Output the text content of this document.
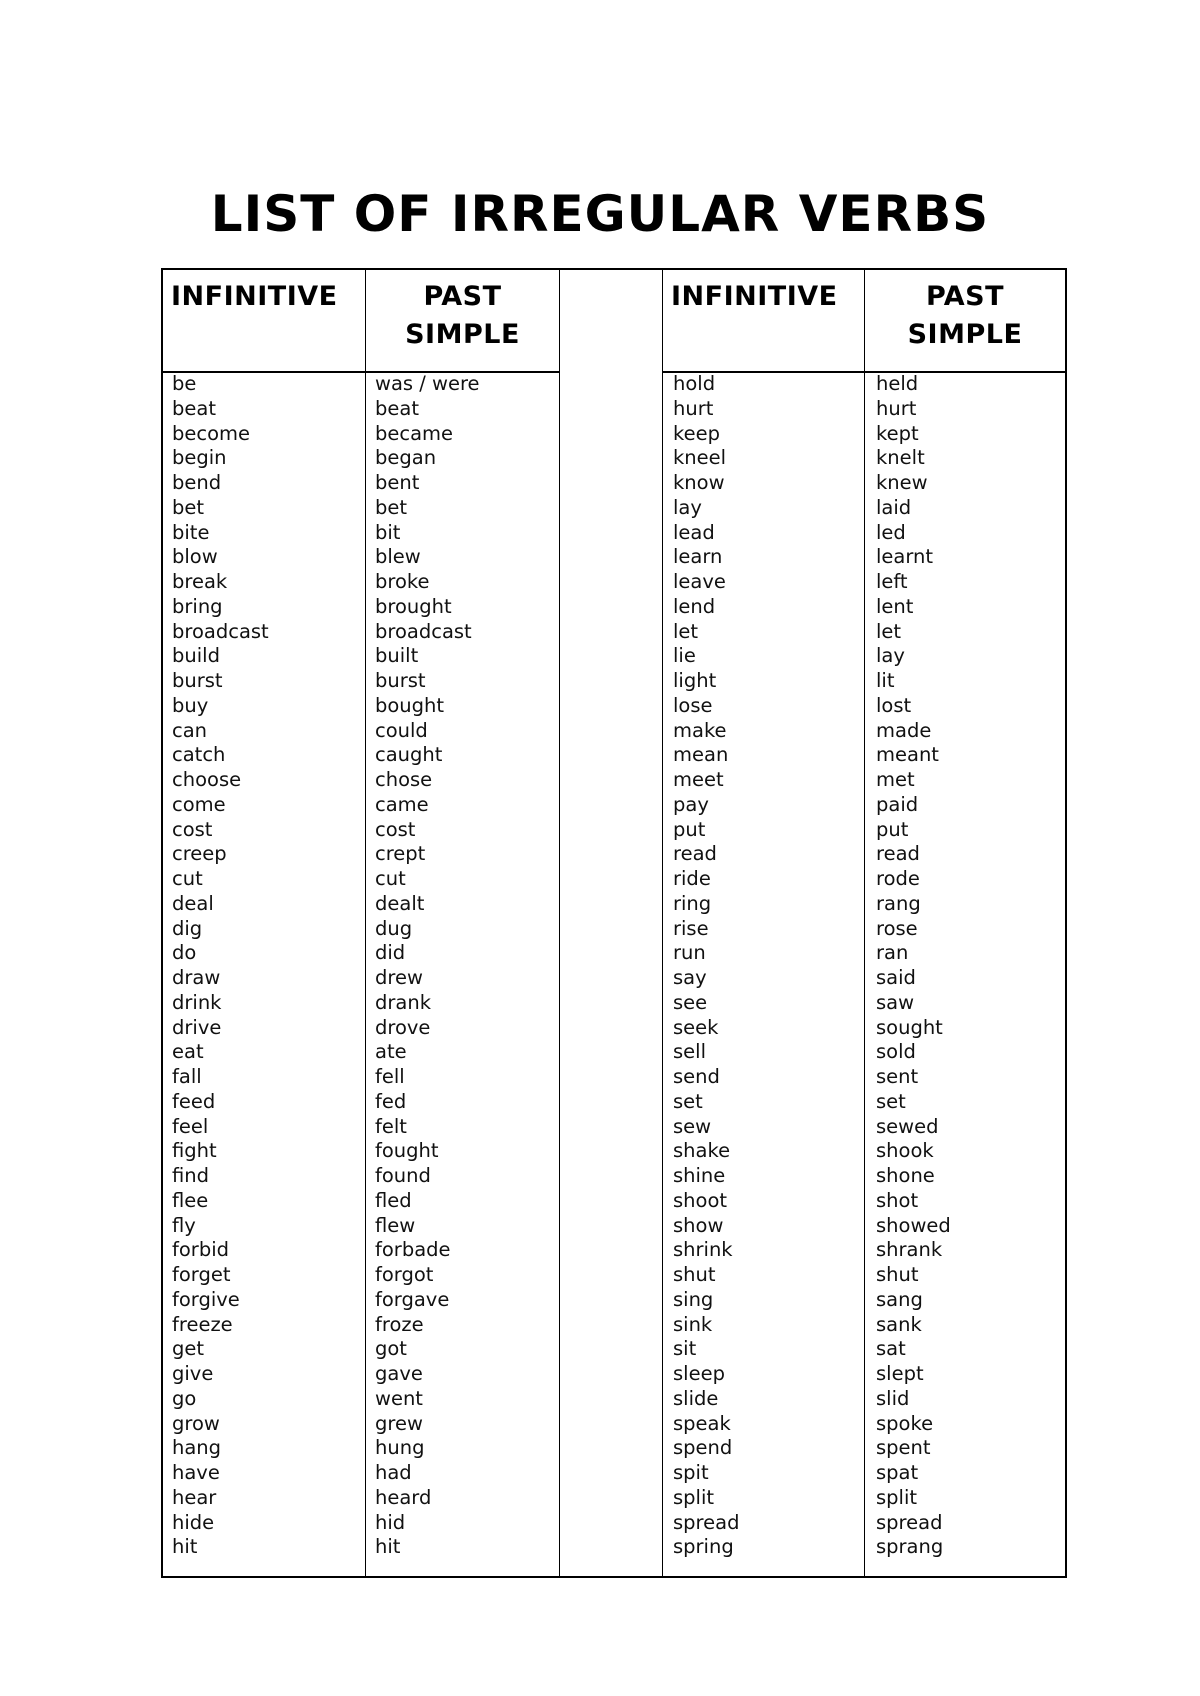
LIST OF IRREGULAR VERBS
INFINITIVE	PAST
SIMPLE
INFINITIVE	PAST
SIMPLE
be
beat
become
begin
bend
bet
bite
blow
break
bring
broadcast
build
burst
buy
can
catch
choose
come
cost
creep
cut
deal
dig
do
draw
drink
drive
eat
fall
feed
feel
fight
find
flee
fly
forbid
forget
forgive
freeze
get
give
go
grow
hang
have
hear
hide
hit
was / were
beat
became
began
bent
bet
bit
blew
broke
brought
broadcast
built
burst
bought
could
caught
chose
came
cost
crept
cut
dealt
dug
did
drew
drank
drove
ate
fell
fed
felt
fought
found
fled
flew
forbade
forgot
forgave
froze
got
gave
went
grew
hung
had
heard
hid
hit
hold
hurt
keep
kneel
know
lay
lead
learn
leave
lend
let
lie
light
lose
make
mean
meet
pay
put
read
ride
ring
rise
run
say
see
seek
sell
send
set
sew
shake
shine
shoot
show
shrink
shut
sing
sink
sit
sleep
slide
speak
spend
spit
split
spread
spring
held
hurt
kept
knelt
knew
laid
led
learnt
left
lent
let
lay
lit
lost
made
meant
met
paid
put
read
rode
rang
rose
ran
said
saw
sought
sold
sent
set
sewed
shook
shone
shot
showed
shrank
shut
sang
sank
sat
slept
slid
spoke
spent
spat
split
spread
sprang
